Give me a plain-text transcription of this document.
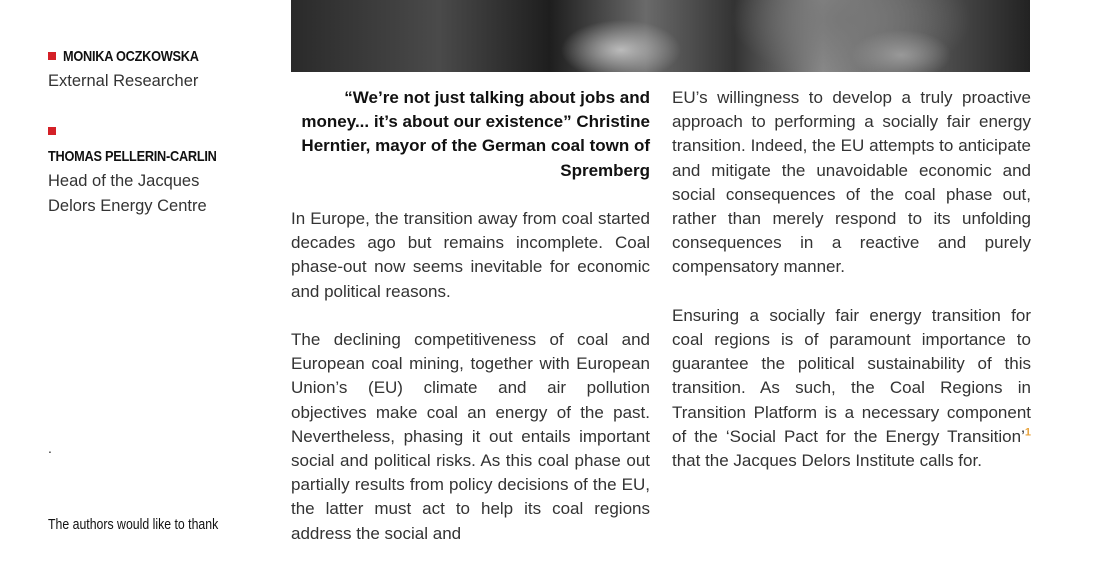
MONIKA OCZKOWSKA
External Researcher
THOMAS PELLERIN-CARLIN
Head of the Jacques Delors Energy Centre
.
The authors would like to thank

“We’re not just talking about jobs and money... it’s about our existence” Christine Herntier, mayor of the German coal town of Spremberg

In Europe, the transition away from coal started decades ago but remains incomplete. Coal phase-out now seems inevitable for economic and political reasons.

The declining competitiveness of coal and European coal mining, together with European Union’s (EU) climate and air pollution objectives make coal an energy of the past. Nevertheless, phasing it out entails important social and political risks. As this coal phase out partially results from policy decisions of the EU, the latter must act to help its coal regions address the social and

EU’s willingness to develop a truly proactive approach to performing a socially fair energy transition. Indeed, the EU attempts to anticipate and mitigate the unavoidable economic and social consequences of the coal phase out, rather than merely respond to its unfolding consequences in a reactive and purely compensatory manner.

Ensuring a socially fair energy transition for coal regions is of paramount importance to guarantee the political sustainability of this transition. As such, the Coal Regions in Transition Platform is a necessary component of the ‘Social Pact for the Energy Transition’$^1$ that the Jacques Delors Institute calls for.
